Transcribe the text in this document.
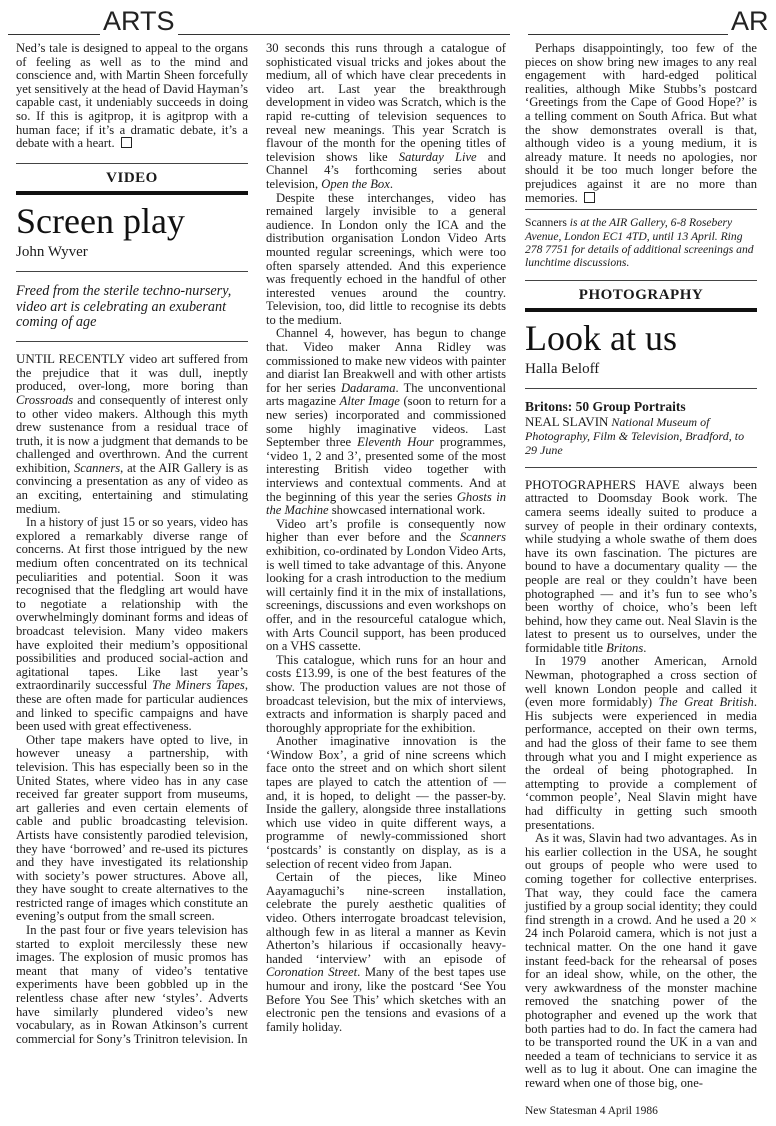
ARTS	AR

Ned’s tale is designed to appeal to the organs of feeling as well as to the mind and conscience and, with Martin Sheen forcefully yet sensitively at the head of David Hayman’s capable cast, it undeniably succeeds in doing so. If this is agitprop, it is agitprop with a human face; if it’s a dramatic debate, it’s a debate with a heart.

VIDEO
Screen play
John Wyver
Freed from the sterile techno-nursery, video art is celebrating an exuberant coming of age

UNTIL RECENTLY video art suffered from the prejudice that it was dull, ineptly produced, over-long, more boring than Crossroads and consequently of interest only to other video makers. Although this myth drew sustenance from a residual trace of truth, it is now a judgment that demands to be challenged and overthrown. And the current exhibition, Scanners, at the AIR Gallery is as convincing a presentation as any of video as an exciting, entertaining and stimulating medium.

In a history of just 15 or so years, video has explored a remarkably diverse range of concerns. At first those intrigued by the new medium often concentrated on its technical peculiarities and potential. Soon it was recognised that the fledgling art would have to negotiate a relationship with the overwhelmingly dominant forms and ideas of broadcast television. Many video makers have exploited their medium’s oppositional possibilities and produced social-action and agitational tapes. Like last year’s extraordinarily successful The Miners Tapes, these are often made for particular audiences and linked to specific campaigns and have been used with great effectiveness.

Other tape makers have opted to live, in however uneasy a partnership, with television. This has especially been so in the United States, where video has in any case received far greater support from museums, art galleries and even certain elements of cable and public broadcasting television. Artists have consistently parodied television, they have ‘borrowed’ and re-used its pictures and they have investigated its relationship with society’s power structures. Above all, they have sought to create alternatives to the restricted range of images which constitute an evening’s output from the small screen.

In the past four or five years television has started to exploit mercilessly these new images. The explosion of music promos has meant that many of video’s tentative experiments have been gobbled up in the relentless chase after new ‘styles’. Adverts have similarly plundered video’s new vocabulary, as in Rowan Atkinson’s current commercial for Sony’s Trinitron television. In

30 seconds this runs through a catalogue of sophisticated visual tricks and jokes about the medium, all of which have clear precedents in video art. Last year the breakthrough development in video was Scratch, which is the rapid re-cutting of television sequences to reveal new meanings. This year Scratch is flavour of the month for the opening titles of television shows like Saturday Live and Channel 4’s forthcoming series about television, Open the Box.

Despite these interchanges, video has remained largely invisible to a general audience. In London only the ICA and the distribution organisation London Video Arts mounted regular screenings, which were too often sparsely attended. And this experience was frequently echoed in the handful of other interested venues around the country. Television, too, did little to recognise its debts to the medium.

Channel 4, however, has begun to change that. Video maker Anna Ridley was commissioned to make new videos with painter and diarist Ian Breakwell and with other artists for her series Dadarama. The unconventional arts magazine Alter Image (soon to return for a new series) incorporated and commissioned some highly imaginative videos. Last September three Eleventh Hour programmes, ‘video 1, 2 and 3’, presented some of the most interesting British video together with interviews and contextual comments. And at the beginning of this year the series Ghosts in the Machine showcased international work.

Video art’s profile is consequently now higher than ever before and the Scanners exhibition, co-ordinated by London Video Arts, is well timed to take advantage of this. Anyone looking for a crash introduction to the medium will certainly find it in the mix of installations, screenings, discussions and even workshops on offer, and in the resourceful catalogue which, with Arts Council support, has been produced on a VHS cassette.

This catalogue, which runs for an hour and costs £13.99, is one of the best features of the show. The production values are not those of broadcast television, but the mix of interviews, extracts and information is sharply paced and thoroughly appropriate for the exhibition.

Another imaginative innovation is the ‘Window Box’, a grid of nine screens which face onto the street and on which short silent tapes are played to catch the attention of — and, it is hoped, to delight — the passer-by. Inside the gallery, alongside three installations which use video in quite different ways, a programme of newly-commissioned short ‘postcards’ is constantly on display, as is a selection of recent video from Japan.

Certain of the pieces, like Mineo Aayamaguchi’s nine-screen installation, celebrate the purely aesthetic qualities of video. Others interrogate broadcast television, although few in as literal a manner as Kevin Atherton’s hilarious if occasionally heavy-handed ‘interview’ with an episode of Coronation Street. Many of the best tapes use humour and irony, like the postcard ‘See You Before You See This’ which sketches with an electronic pen the tensions and evasions of a family holiday.

Perhaps disappointingly, too few of the pieces on show bring new images to any real engagement with hard-edged political realities, although Mike Stubbs’s postcard ‘Greetings from the Cape of Good Hope?’ is a telling comment on South Africa. But what the show demonstrates overall is that, although video is a young medium, it is already mature. It needs no apologies, nor should it be too much longer before the prejudices against it are no more than memories.

Scanners is at the AIR Gallery, 6-8 Rosebery Avenue, London EC1 4TD, until 13 April. Ring 278 7751 for details of additional screenings and lunchtime discussions.
PHOTOGRAPHY
Look at us
Halla Beloff
Britons: 50 Group Portraits
NEAL SLAVIN National Museum of Photography, Film & Television, Bradford, to 29 June

PHOTOGRAPHERS HAVE always been attracted to Doomsday Book work. The camera seems ideally suited to produce a survey of people in their ordinary contexts, while studying a whole swathe of them does have its own fascination. The pictures are bound to have a documentary quality — the people are real or they couldn’t have been photographed — and it’s fun to see who’s been worthy of choice, who’s been left behind, how they came out. Neal Slavin is the latest to present us to ourselves, under the formidable title Britons.

In 1979 another American, Arnold Newman, photographed a cross section of well known London people and called it (even more formidably) The Great British. His subjects were experienced in media performance, accepted on their own terms, and had the gloss of their fame to see them through what you and I might experience as the ordeal of being photographed. In attempting to provide a complement of ‘common people’, Neal Slavin might have had difficulty in getting such smooth presentations.

As it was, Slavin had two advantages. As in his earlier collection in the USA, he sought out groups of people who were used to coming together for collective enterprises. That way, they could face the camera justified by a group social identity; they could find strength in a crowd. And he used a 20 × 24 inch Polaroid camera, which is not just a technical matter. On the one hand it gave instant feed-back for the rehearsal of poses for an ideal show, while, on the other, the very awkwardness of the monster machine removed the snatching power of the photographer and evened up the work that both parties had to do. In fact the camera had to be transported round the UK in a van and needed a team of technicians to service it as well as to lug it about. One can imagine the reward when one of those big, one-

New Statesman 4 April 1986
